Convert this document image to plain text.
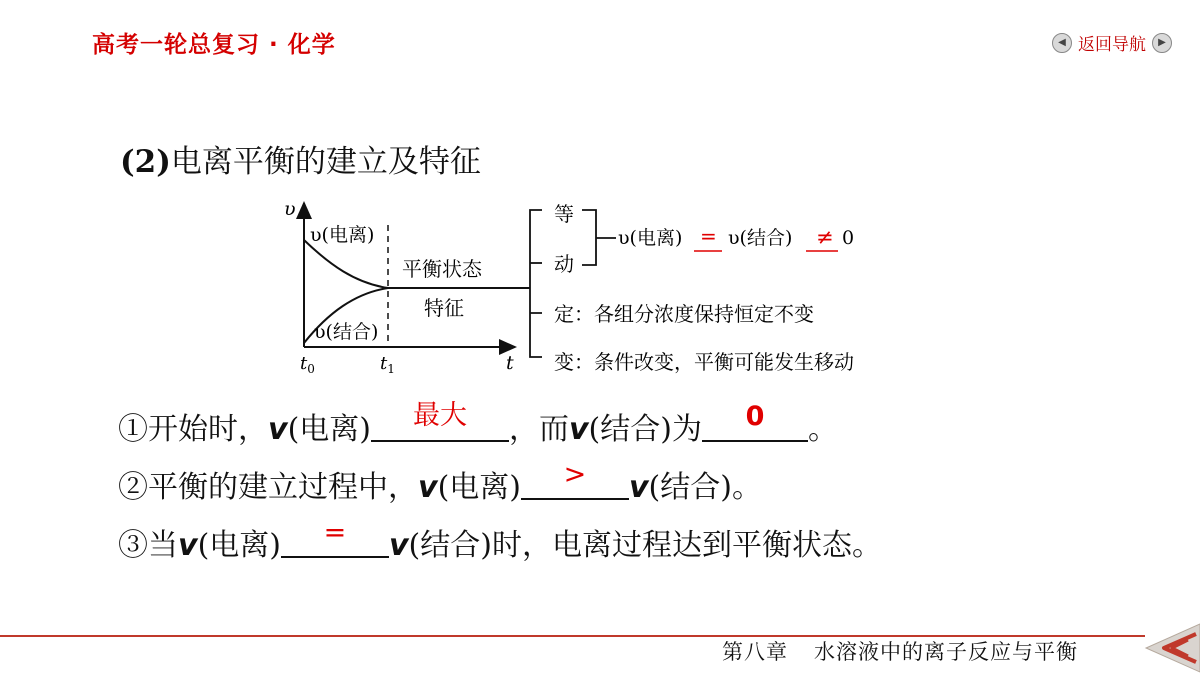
高考一轮总复习 · 化学	◀ 返回导航	▶
(2)电离平衡的建立及特征
υ
t
$t_0$	$t_1$
υ(电离)
υ(结合)
平衡状态
特征
等
动
υ(电离) = υ(结合) ≠ 0
定：各组分浓度保持恒定不变
变：条件改变，平衡可能发生移动
①开始时，v(电离)	最大	，而v(结合)为	0	。
②平衡的建立过程中，v(电离)	>	v(结合)。
③当v(电离)	=	v(结合)时，电离过程达到平衡状态。
第八章 水溶液中的离子反应与平衡
